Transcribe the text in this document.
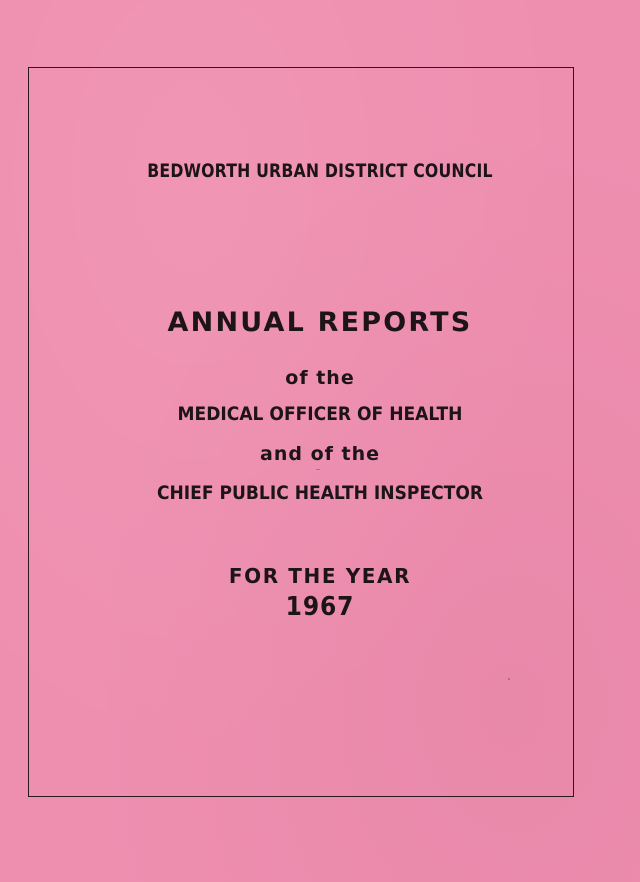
BEDWORTH URBAN DISTRICT COUNCIL
ANNUAL REPORTS
of the
MEDICAL OFFICER OF HEALTH
and of the
CHIEF PUBLIC HEALTH INSPECTOR
FOR THE YEAR
1967
